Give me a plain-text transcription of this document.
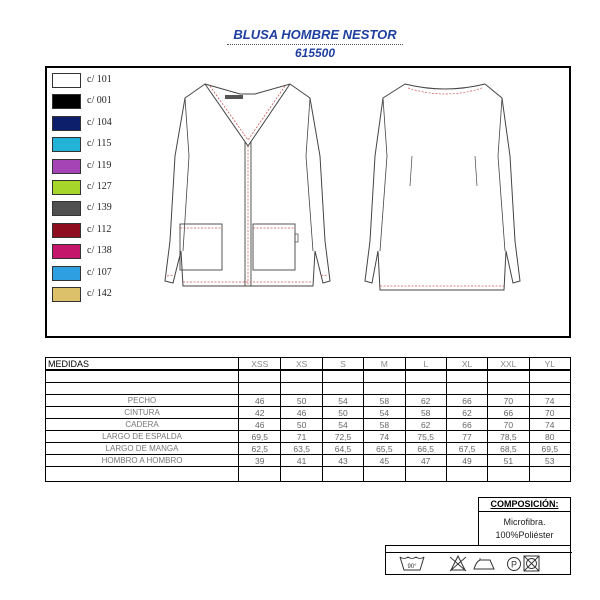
BLUSA HOMBRE NESTOR
615500
c/ 101
c/ 001
c/ 104
c/ 115
c/ 119
c/ 127
c/ 139
c/ 112
c/ 138
c/ 107
c/ 142
MEDIDAS	XSS	XS	S	M	L	XL	XXL	YL

PECHO	46	50	54	58	62	66	70	74
CINTURA	42	46	50	54	58	62	66	70
CADERA	46	50	54	58	62	66	70	74
LARGO DE ESPALDA	69,5	71	72,5	74	75,5	77	78,5	80
LARGO DE MANGA	62,5	63,5	64,5	65,5	66,5	67,5	68,5	69,5
HOMBRO A HOMBRO	39	41	43	45	47	49	51	53

COMPOSICIÓN:
Microfibra.
100%Poliéster
90°	P
